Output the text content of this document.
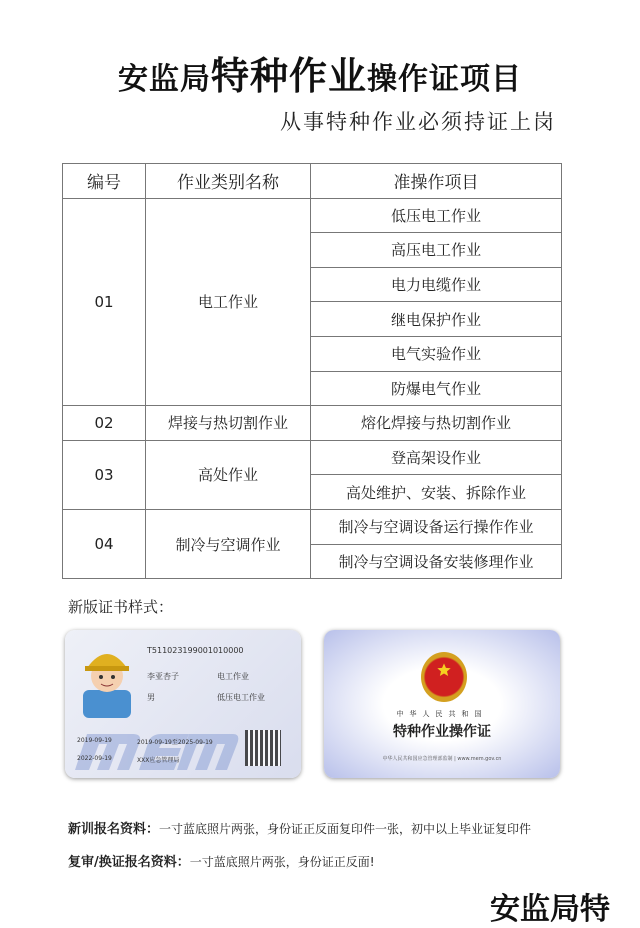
安监局特种作业操作证项目
从事特种作业必须持证上岗
编号	作业类别名称	准操作项目
01	电工作业	低压电工作业
		高压电工作业
		电力电缆作业
		继电保护作业
		电气实验作业
		防爆电气作业
02	焊接与热切割作业	熔化焊接与热切割作业
03	高处作业	登高架设作业
		高处维护、安装、拆除作业
04	制冷与空调作业	制冷与空调设备运行操作作业
		制冷与空调设备安装修理作业
新版证书样式：
T511023199001010000
李亚杏子	电工作业
男	低压电工作业
2019-09-19	2019-09-19至2025-09-19
2022-09-19	XXX应急管理局
中华人民共和国
特种作业操作证
中华人民共和国应急管理部监制 | www.mem.gov.cn
新训报名资料：一寸蓝底照片两张，身份证正反面复印件一张，初中以上毕业证复印件
复审/换证报名资料：一寸蓝底照片两张，身份证正反面!
安监局特
